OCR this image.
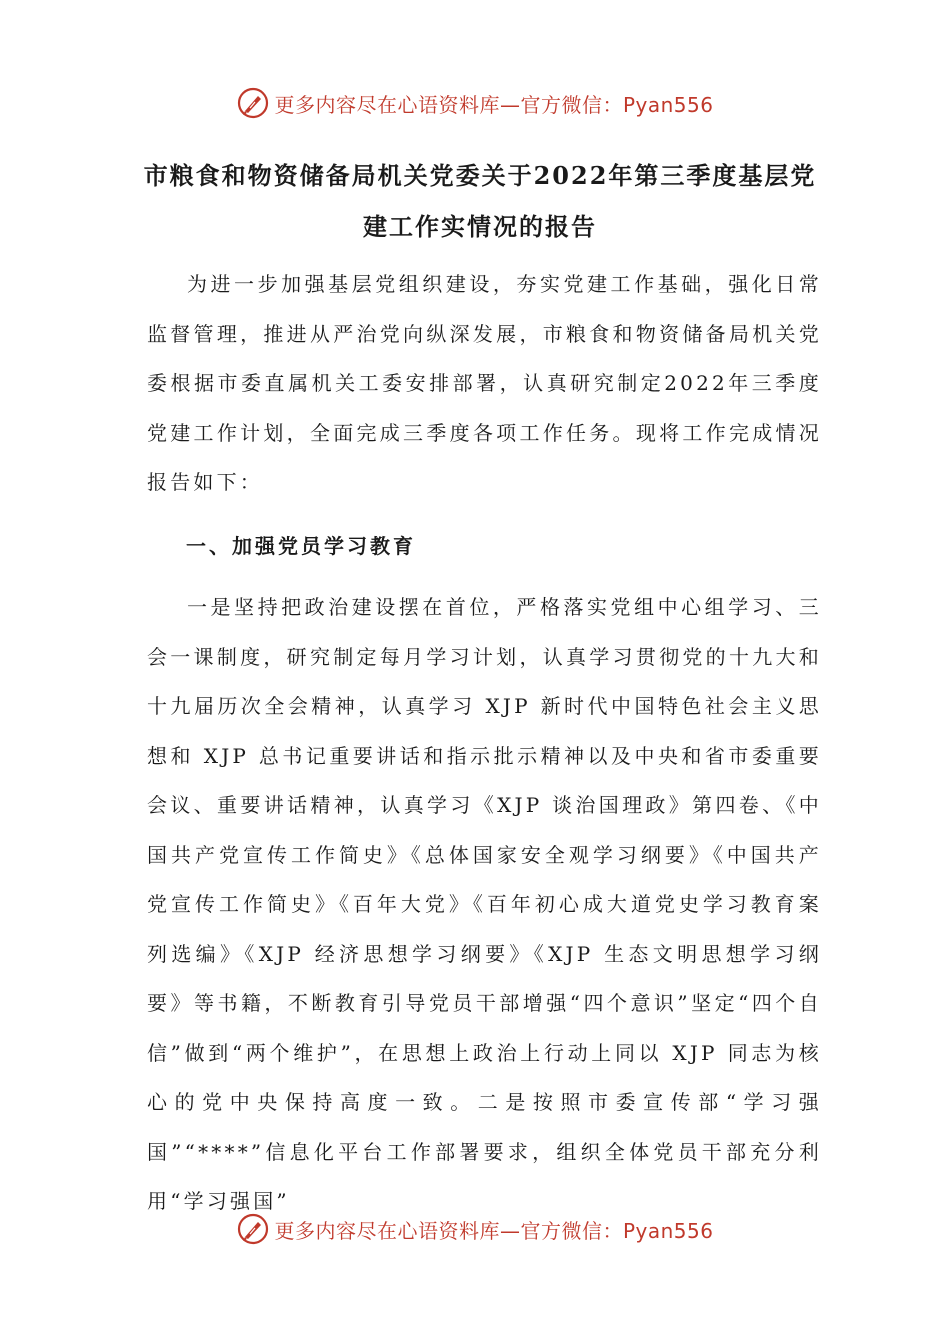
更多内容尽在心语资料库—官方微信：Pyan556
市粮食和物资储备局机关党委关于2022年第三季度基层党
建工作实情况的报告

为进一步加强基层党组织建设，夯实党建工作基础，强化日常监督管理，推进从严治党向纵深发展，市粮食和物资储备局机关党委根据市委直属机关工委安排部署，认真研究制定2022年三季度党建工作计划，全面完成三季度各项工作任务。现将工作完成情况报告如下：

一、加强党员学习教育

一是坚持把政治建设摆在首位，严格落实党组中心组学习、三会一课制度，研究制定每月学习计划，认真学习贯彻党的十九大和十九届历次全会精神，认真学习 XJP 新时代中国特色社会主义思想和 XJP 总书记重要讲话和指示批示精神以及中央和省市委重要会议、重要讲话精神，认真学习《XJP 谈治国理政》第四卷、《中国共产党宣传工作简史》《总体国家安全观学习纲要》《中国共产党宣传工作简史》《百年大党》《百年初心成大道党史学习教育案列选编》《XJP 经济思想学习纲要》《XJP 生态文明思想学习纲要》等书籍，不断教育引导党员干部增强“四个意识”坚定“四个自信”做到“两个维护”，在思想上政治上行动上同以 XJP 同志为核心的党中央保持高度一致。二是按照市委宣传部“学习强国”“****”信息化平台工作部署要求，组织全体党员干部充分利用“学习强国”

更多内容尽在心语资料库—官方微信：Pyan556
